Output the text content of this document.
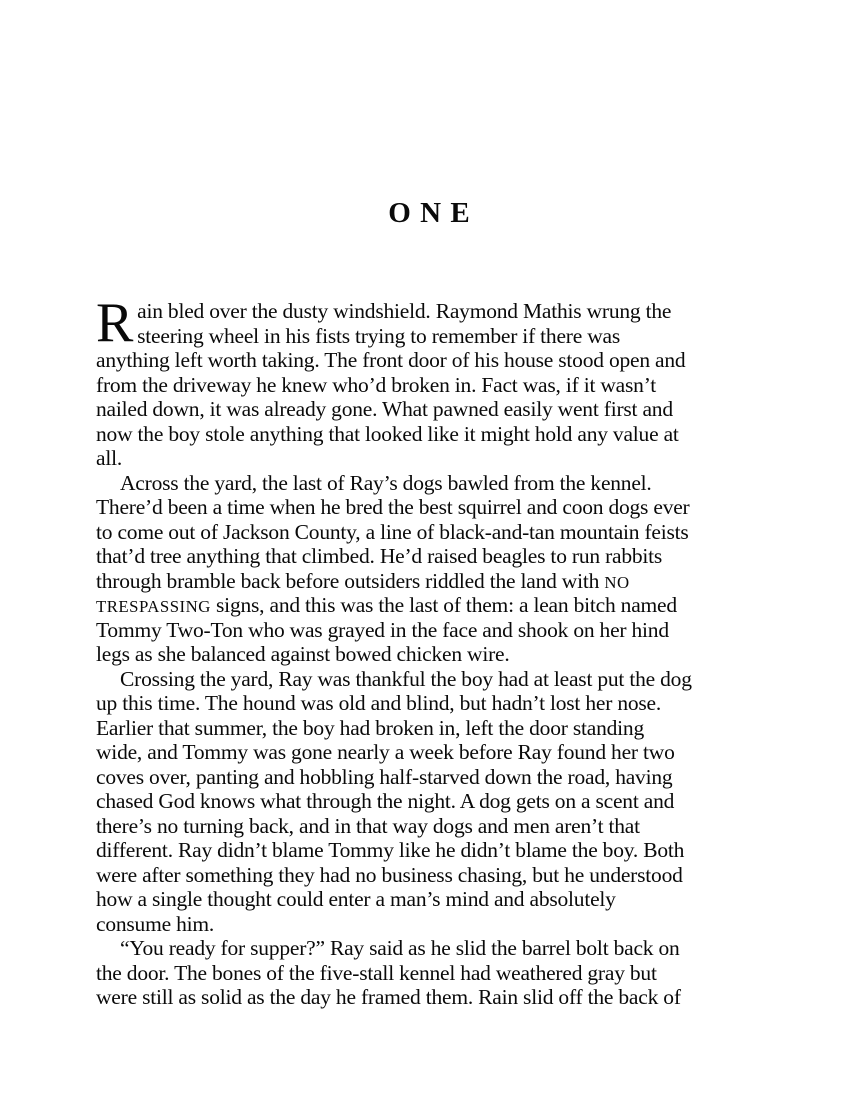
ONE
R ain bled over the dusty windshield. Raymond Mathis wrung the
steering wheel in his fists trying to remember if there was
anything left worth taking. The front door of his house stood open and
from the driveway he knew who’d broken in. Fact was, if it wasn’t
nailed down, it was already gone. What pawned easily went first and
now the boy stole anything that looked like it might hold any value at
all.
Across the yard, the last of Ray’s dogs bawled from the kennel.
There’d been a time when he bred the best squirrel and coon dogs ever
to come out of Jackson County, a line of black-and-tan mountain feists
that’d tree anything that climbed. He’d raised beagles to run rabbits
through bramble back before outsiders riddled the land with NO
TRESPASSING signs, and this was the last of them: a lean bitch named
Tommy Two-Ton who was grayed in the face and shook on her hind
legs as she balanced against bowed chicken wire.
Crossing the yard, Ray was thankful the boy had at least put the dog
up this time. The hound was old and blind, but hadn’t lost her nose.
Earlier that summer, the boy had broken in, left the door standing
wide, and Tommy was gone nearly a week before Ray found her two
coves over, panting and hobbling half-starved down the road, having
chased God knows what through the night. A dog gets on a scent and
there’s no turning back, and in that way dogs and men aren’t that
different. Ray didn’t blame Tommy like he didn’t blame the boy. Both
were after something they had no business chasing, but he understood
how a single thought could enter a man’s mind and absolutely
consume him.
“You ready for supper?” Ray said as he slid the barrel bolt back on
the door. The bones of the five-stall kennel had weathered gray but
were still as solid as the day he framed them. Rain slid off the back of
